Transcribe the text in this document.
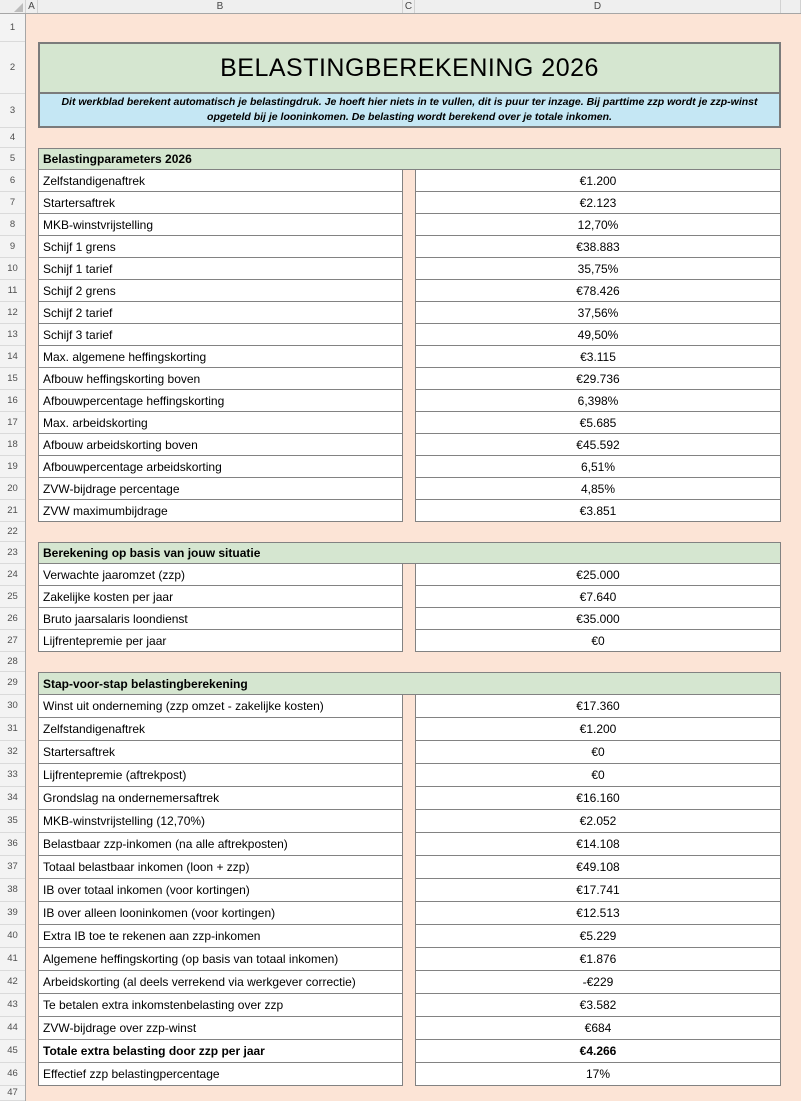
A	B	C	D
1
2
3
4
5
6
7
8
9
10
11
12
13
14
15
16
17
18
19
20
21
22
23
24
25
26
27
28
29
30
31
32
33
34
35
36
37
38
39
40
41
42
43
44
45
46
47
BELASTINGBEREKENING 2026
Dit werkblad berekent automatisch je belastingdruk. Je hoeft hier niets in te vullen, dit is puur ter inzage. Bij parttime zzp wordt je zzp-winst opgeteld bij je looninkomen. De belasting wordt berekend over je totale inkomen.
Belastingparameters 2026
Zelfstandigenaftrek	€1.200
Startersaftrek	€2.123
MKB-winstvrijstelling	12,70%
Schijf 1 grens	€38.883
Schijf 1 tarief	35,75%
Schijf 2 grens	€78.426
Schijf 2 tarief	37,56%
Schijf 3 tarief	49,50%
Max. algemene heffingskorting	€3.115
Afbouw heffingskorting boven	€29.736
Afbouwpercentage heffingskorting	6,398%
Max. arbeidskorting	€5.685
Afbouw arbeidskorting boven	€45.592
Afbouwpercentage arbeidskorting	6,51%
ZVW-bijdrage percentage	4,85%
ZVW maximumbijdrage	€3.851
Berekening op basis van jouw situatie
Verwachte jaaromzet (zzp)	€25.000
Zakelijke kosten per jaar	€7.640
Bruto jaarsalaris loondienst	€35.000
Lijfrentepremie per jaar	€0
Stap-voor-stap belastingberekening
Winst uit onderneming (zzp omzet - zakelijke kosten)	€17.360
Zelfstandigenaftrek	€1.200
Startersaftrek	€0
Lijfrentepremie (aftrekpost)	€0
Grondslag na ondernemersaftrek	€16.160
MKB-winstvrijstelling (12,70%)	€2.052
Belastbaar zzp-inkomen (na alle aftrekposten)	€14.108
Totaal belastbaar inkomen (loon + zzp)	€49.108
IB over totaal inkomen (voor kortingen)	€17.741
IB over alleen looninkomen (voor kortingen)	€12.513
Extra IB toe te rekenen aan zzp-inkomen	€5.229
Algemene heffingskorting (op basis van totaal inkomen)	€1.876
Arbeidskorting (al deels verrekend via werkgever correctie)	-€229
Te betalen extra inkomstenbelasting over zzp	€3.582
ZVW-bijdrage over zzp-winst	€684
Totale extra belasting door zzp per jaar	€4.266
Effectief zzp belastingpercentage	17%
